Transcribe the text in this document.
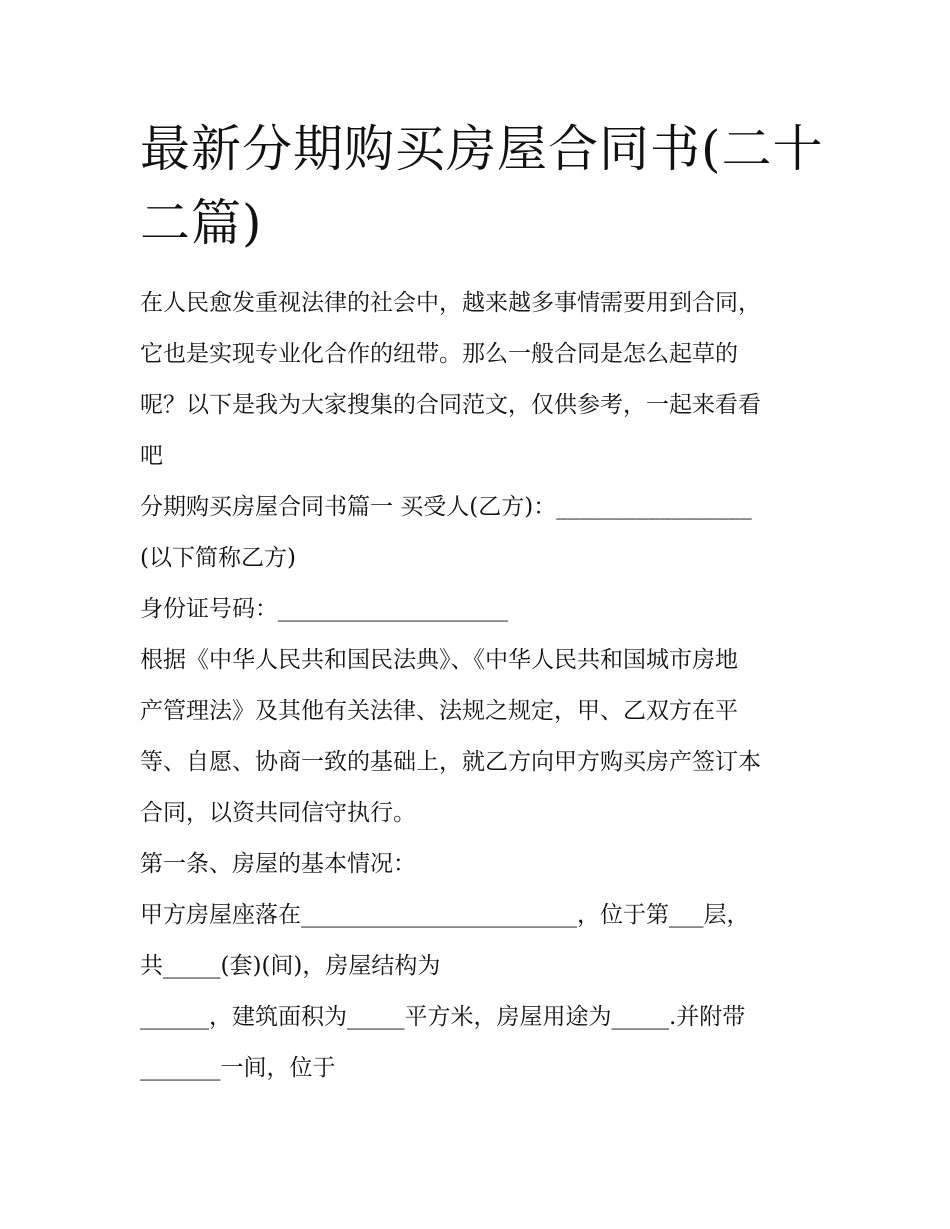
最新分期购买房屋合同书(二十
二篇)

在人民愈发重视法律的社会中，越来越多事情需要用到合同，

它也是实现专业化合作的纽带。那么一般合同是怎么起草的

呢？以下是我为大家搜集的合同范文，仅供参考，一起来看看

吧

分期购买房屋合同书篇一 买受人(乙方)：_________________

(以下简称乙方)

身份证号码：____________________

根据《中华人民共和国民法典》、《中华人民共和国城市房地

产管理法》及其他有关法律、法规之规定，甲、乙双方在平

等、自愿、协商一致的基础上，就乙方向甲方购买房产签订本

合同，以资共同信守执行。

第一条、房屋的基本情况：

甲方房屋座落在________________________，位于第___层，

共_____(套)(间)，房屋结构为

______，建筑面积为_____平方米，房屋用途为_____.并附带

_______一间，位于
